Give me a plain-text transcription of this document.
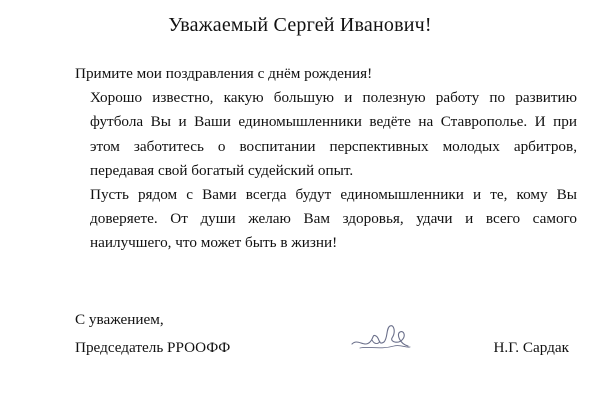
Уважаемый Сергей Иванович!
Примите мои поздравления с днём рождения!
Хорошо известно, какую большую и полезную работу по развитию футбола Вы и Ваши единомышленники ведёте на Ставрополье. И при этом заботитесь о воспитании перспективных молодых арбитров, передавая свой богатый судейский опыт.
Пусть рядом с Вами всегда будут единомышленники и те, кому Вы доверяете. От души желаю Вам здоровья, удачи и всего самого наилучшего, что может быть в жизни!
С уважением,
Председатель РРООФФ	Н.Г. Сардак
